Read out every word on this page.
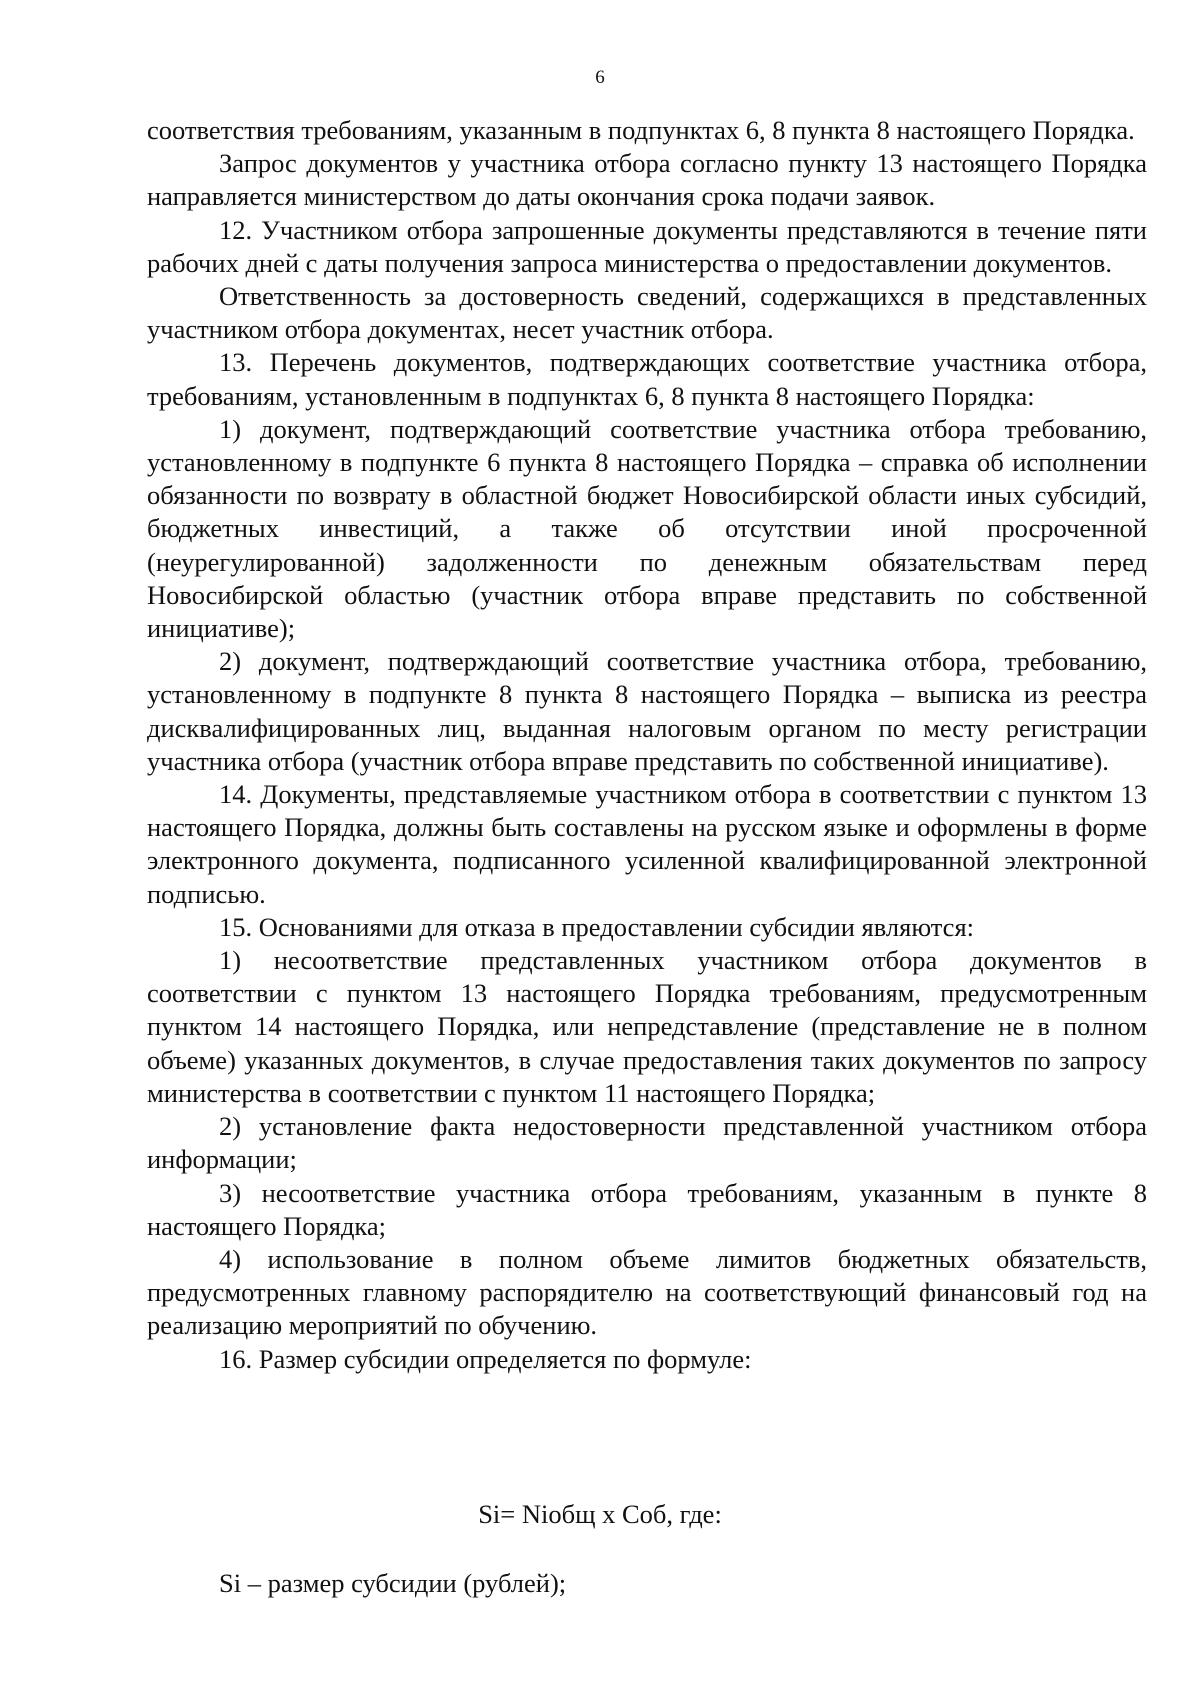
6

соответствия требованиям, указанным в подпунктах 6, 8 пункта 8 настоящего Порядка.

Запрос документов у участника отбора согласно пункту 13 настоящего Порядка направляется министерством до даты окончания срока подачи заявок.

12. Участником отбора запрошенные документы представляются в течение пяти рабочих дней с даты получения запроса министерства о предоставлении документов.

Ответственность за достоверность сведений, содержащихся в представленных участником отбора документах, несет участник отбора.

13. Перечень документов, подтверждающих соответствие участника отбора, требованиям, установленным в подпунктах 6, 8 пункта 8 настоящего Порядка:

1) документ, подтверждающий соответствие участника отбора требованию, установленному в подпункте 6 пункта 8 настоящего Порядка – справка об исполнении обязанности по возврату в областной бюджет Новосибирской области иных субсидий, бюджетных инвестиций, а также об отсутствии иной просроченной (неурегулированной) задолженности по денежным обязательствам перед Новосибирской областью (участник отбора вправе представить по собственной инициативе);

2) документ, подтверждающий соответствие участника отбора, требованию, установленному в подпункте 8 пункта 8 настоящего Порядка – выписка из реестра дисквалифицированных лиц, выданная налоговым органом по месту регистрации участника отбора (участник отбора вправе представить по собственной инициативе).

14. Документы, представляемые участником отбора в соответствии с пунктом 13 настоящего Порядка, должны быть составлены на русском языке и оформлены в форме электронного документа, подписанного усиленной квалифицированной электронной подписью.

15. Основаниями для отказа в предоставлении субсидии являются:

1) несоответствие представленных участником отбора документов в соответствии с пунктом 13 настоящего Порядка требованиям, предусмотренным пунктом 14 настоящего Порядка, или непредставление (представление не в полном объеме) указанных документов, в случае предоставления таких документов по запросу министерства в соответствии с пунктом 11 настоящего Порядка;

2) установление факта недостоверности представленной участником отбора информации;

3) несоответствие участника отбора требованиям, указанным в пункте 8 настоящего Порядка;

4) использование в полном объеме лимитов бюджетных обязательств, предусмотренных главному распорядителю на соответствующий финансовый год на реализацию мероприятий по обучению.

16. Размер субсидии определяется по формуле:

Si= Niобщ x Cоб, где:
Si – размер субсидии (рублей);
